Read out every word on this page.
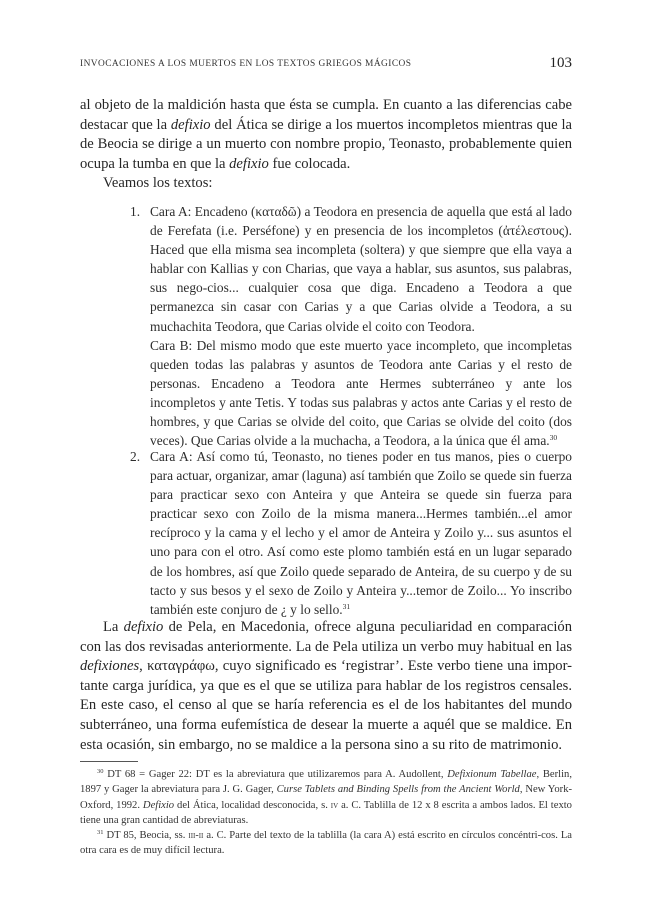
INVOCACIONES A LOS MUERTOS EN LOS TEXTOS GRIEGOS MÁGICOS	103

al objeto de la maldición hasta que ésta se cumpla. En cuanto a las diferencias cabe destacar que la defixio del Ática se dirige a los muertos incompletos mientras que la de Beocia se dirige a un muerto con nombre propio, Teonasto, probablemente quien ocupa la tumba en que la defixio fue colocada.

Veamos los textos:

1. Cara A: Encadeno (καταδῶ) a Teodora en presencia de aquella que está al lado de Ferefata (i.e. Perséfone) y en presencia de los incompletos (ἀτέλεστους). Haced que ella misma sea incompleta (soltera) y que siempre que ella vaya a hablar con Kallias y con Charias, que vaya a hablar, sus asuntos, sus palabras, sus nego-cios... cualquier cosa que diga. Encadeno a Teodora a que permanezca sin casar con Carias y a que Carias olvide a Teodora, a su muchachita Teodora, que Carias olvide el coito con Teodora.

Cara B: Del mismo modo que este muerto yace incompleto, que incompletas queden todas las palabras y asuntos de Teodora ante Carias y el resto de personas. Encadeno a Teodora ante Hermes subterráneo y ante los incompletos y ante Tetis. Y todas sus palabras y actos ante Carias y el resto de hombres, y que Carias se olvide del coito, que Carias se olvide del coito (dos veces). Que Carias olvide a la muchacha, a Teodora, a la única que él ama.$^{30}$

2. Cara A: Así como tú, Teonasto, no tienes poder en tus manos, pies o cuerpo para actuar, organizar, amar (laguna) así también que Zoilo se quede sin fuerza para practicar sexo con Anteira y que Anteira se quede sin fuerza para practicar sexo con Zoilo de la misma manera...Hermes también...el amor recíproco y la cama y el lecho y el amor de Anteira y Zoilo y... sus asuntos el uno para con el otro. Así como este plomo también está en un lugar separado de los hombres, así que Zoilo quede separado de Anteira, de su cuerpo y de su tacto y sus besos y el sexo de Zoilo y Anteira y...temor de Zoilo... Yo inscribo también este conjuro de ¿ y lo sello.$^{31}$

La defixio de Pela, en Macedonia, ofrece alguna peculiaridad en comparación con las dos revisadas anteriormente. La de Pela utiliza un verbo muy habitual en las defixiones, καταγράφω, cuyo significado es ‘registrar’. Este verbo tiene una impor-tante carga jurídica, ya que es el que se utiliza para hablar de los registros censales. En este caso, el censo al que se haría referencia es el de los habitantes del mundo subterráneo, una forma eufemística de desear la muerte a aquél que se maldice. En esta ocasión, sin embargo, no se maldice a la persona sino a su rito de matrimonio.

$^{30}$ DT 68 = Gager 22: DT es la abreviatura que utilizaremos para A. Audollent, Defixionum Tabellae, Berlin, 1897 y Gager la abreviatura para J. G. Gager, Curse Tablets and Binding Spells from the Ancient World, New York-Oxford, 1992. Defixio del Ática, localidad desconocida, s. iv a. C. Tablilla de 12 x 8 escrita a ambos lados. El texto tiene una gran cantidad de abreviaturas.

$^{31}$ DT 85, Beocia, ss. iii-ii a. C. Parte del texto de la tablilla (la cara A) está escrito en círculos concéntri-cos. La otra cara es de muy difícil lectura.
